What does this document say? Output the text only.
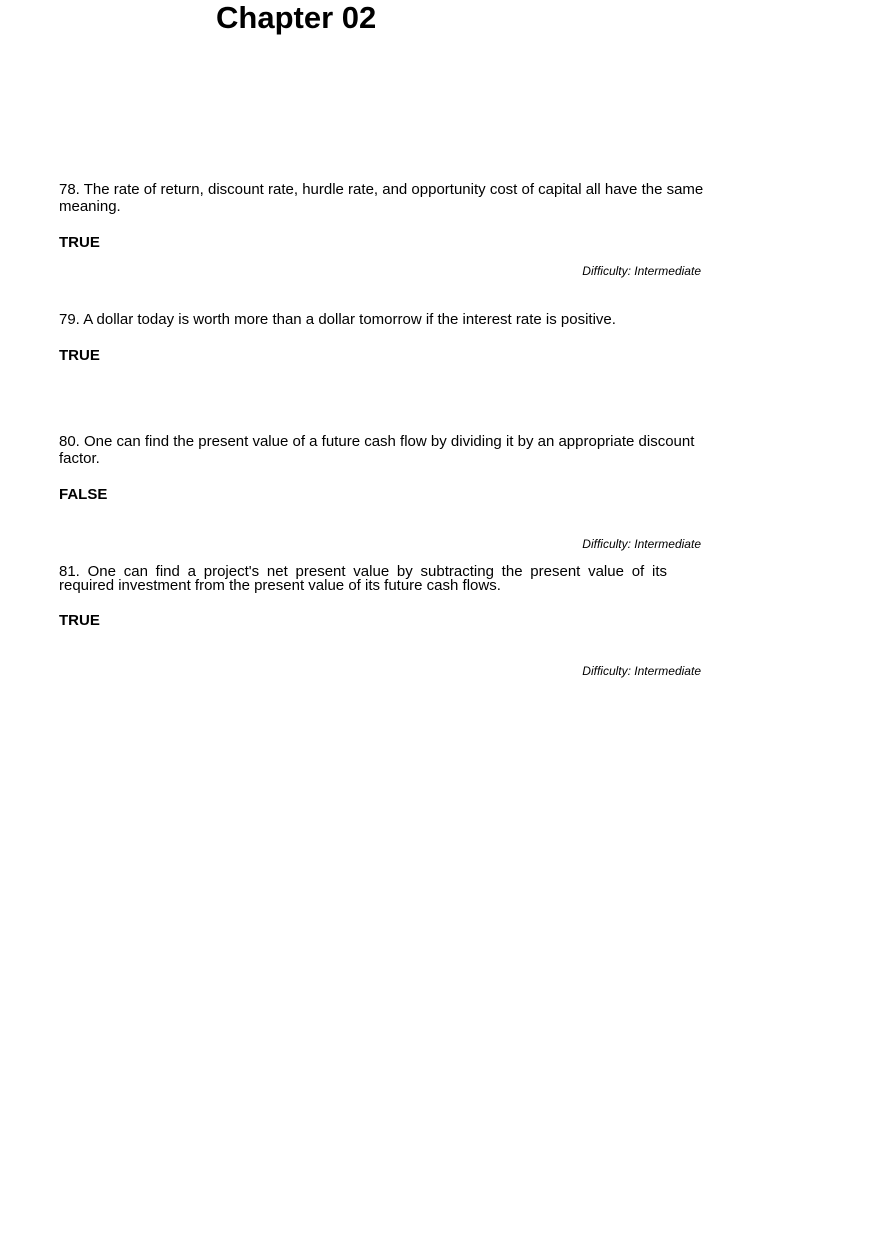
Chapter 02
78. The rate of return, discount rate, hurdle rate, and opportunity cost of capital all have the same meaning.
TRUE
Difficulty: Intermediate
79. A dollar today is worth more than a dollar tomorrow if the interest rate is positive.
TRUE
80. One can find the present value of a future cash flow by dividing it by an appropriate discount factor.
FALSE
Difficulty: Intermediate
81. One can find a project's net present value by subtracting the present value of its required investment from the present value of its future cash flows.
TRUE
Difficulty: Intermediate
